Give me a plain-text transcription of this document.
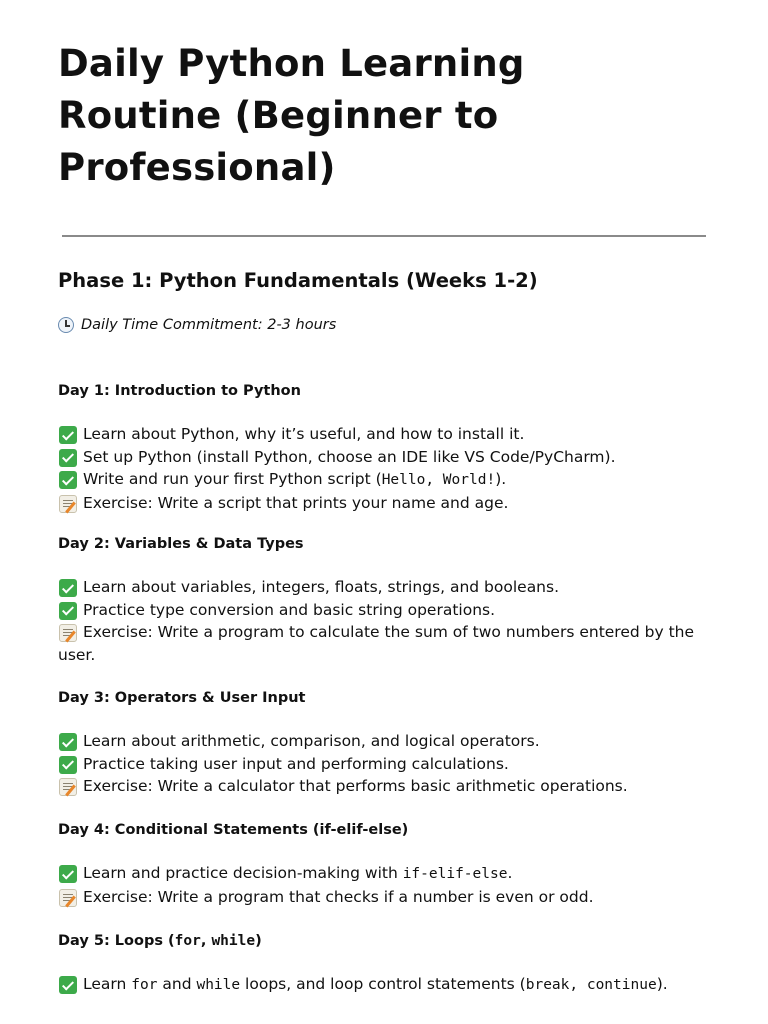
Daily Python Learning Routine (Beginner to Professional)
Phase 1: Python Fundamentals (Weeks 1-2)
Daily Time Commitment: 2-3 hours

Day 1: Introduction to Python

Learn about Python, why it’s useful, and how to install it.
Set up Python (install Python, choose an IDE like VS Code/PyCharm).
Write and run your first Python script (Hello, World!).
Exercise: Write a script that prints your name and age.

Day 2: Variables & Data Types

Learn about variables, integers, floats, strings, and booleans.
Practice type conversion and basic string operations.
Exercise: Write a program to calculate the sum of two numbers entered by the user.

Day 3: Operators & User Input

Learn about arithmetic, comparison, and logical operators.
Practice taking user input and performing calculations.
Exercise: Write a calculator that performs basic arithmetic operations.

Day 4: Conditional Statements (if-elif-else)

Learn and practice decision-making with if-elif-else.
Exercise: Write a program that checks if a number is even or odd.

Day 5: Loops (for, while)

Learn for and while loops, and loop control statements (break, continue).
